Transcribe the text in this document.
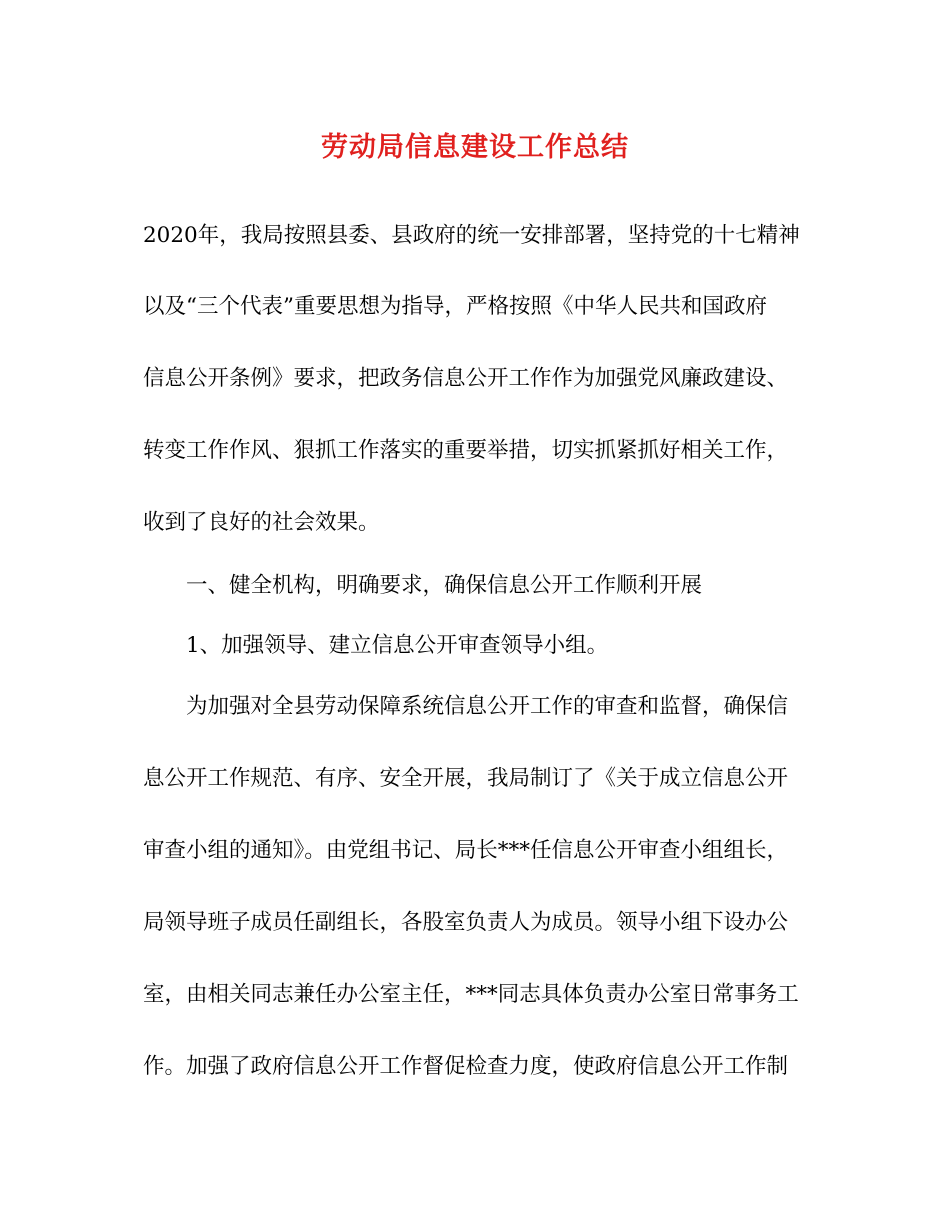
劳动局信息建设工作总结
2020年，我局按照县委、县政府的统一安排部署，坚持党的十七精神
以及“三个代表”重要思想为指导，严格按照《中华人民共和国政府
信息公开条例》要求，把政务信息公开工作作为加强党风廉政建设、
转变工作作风、狠抓工作落实的重要举措，切实抓紧抓好相关工作，
收到了良好的社会效果。
一、健全机构，明确要求，确保信息公开工作顺利开展
1、加强领导、建立信息公开审查领导小组。
为加强对全县劳动保障系统信息公开工作的审查和监督，确保信
息公开工作规范、有序、安全开展，我局制订了《关于成立信息公开
审查小组的通知》。由党组书记、局长***任信息公开审查小组组长，
局领导班子成员任副组长，各股室负责人为成员。领导小组下设办公
室，由相关同志兼任办公室主任，***同志具体负责办公室日常事务工
作。加强了政府信息公开工作督促检查力度，使政府信息公开工作制
